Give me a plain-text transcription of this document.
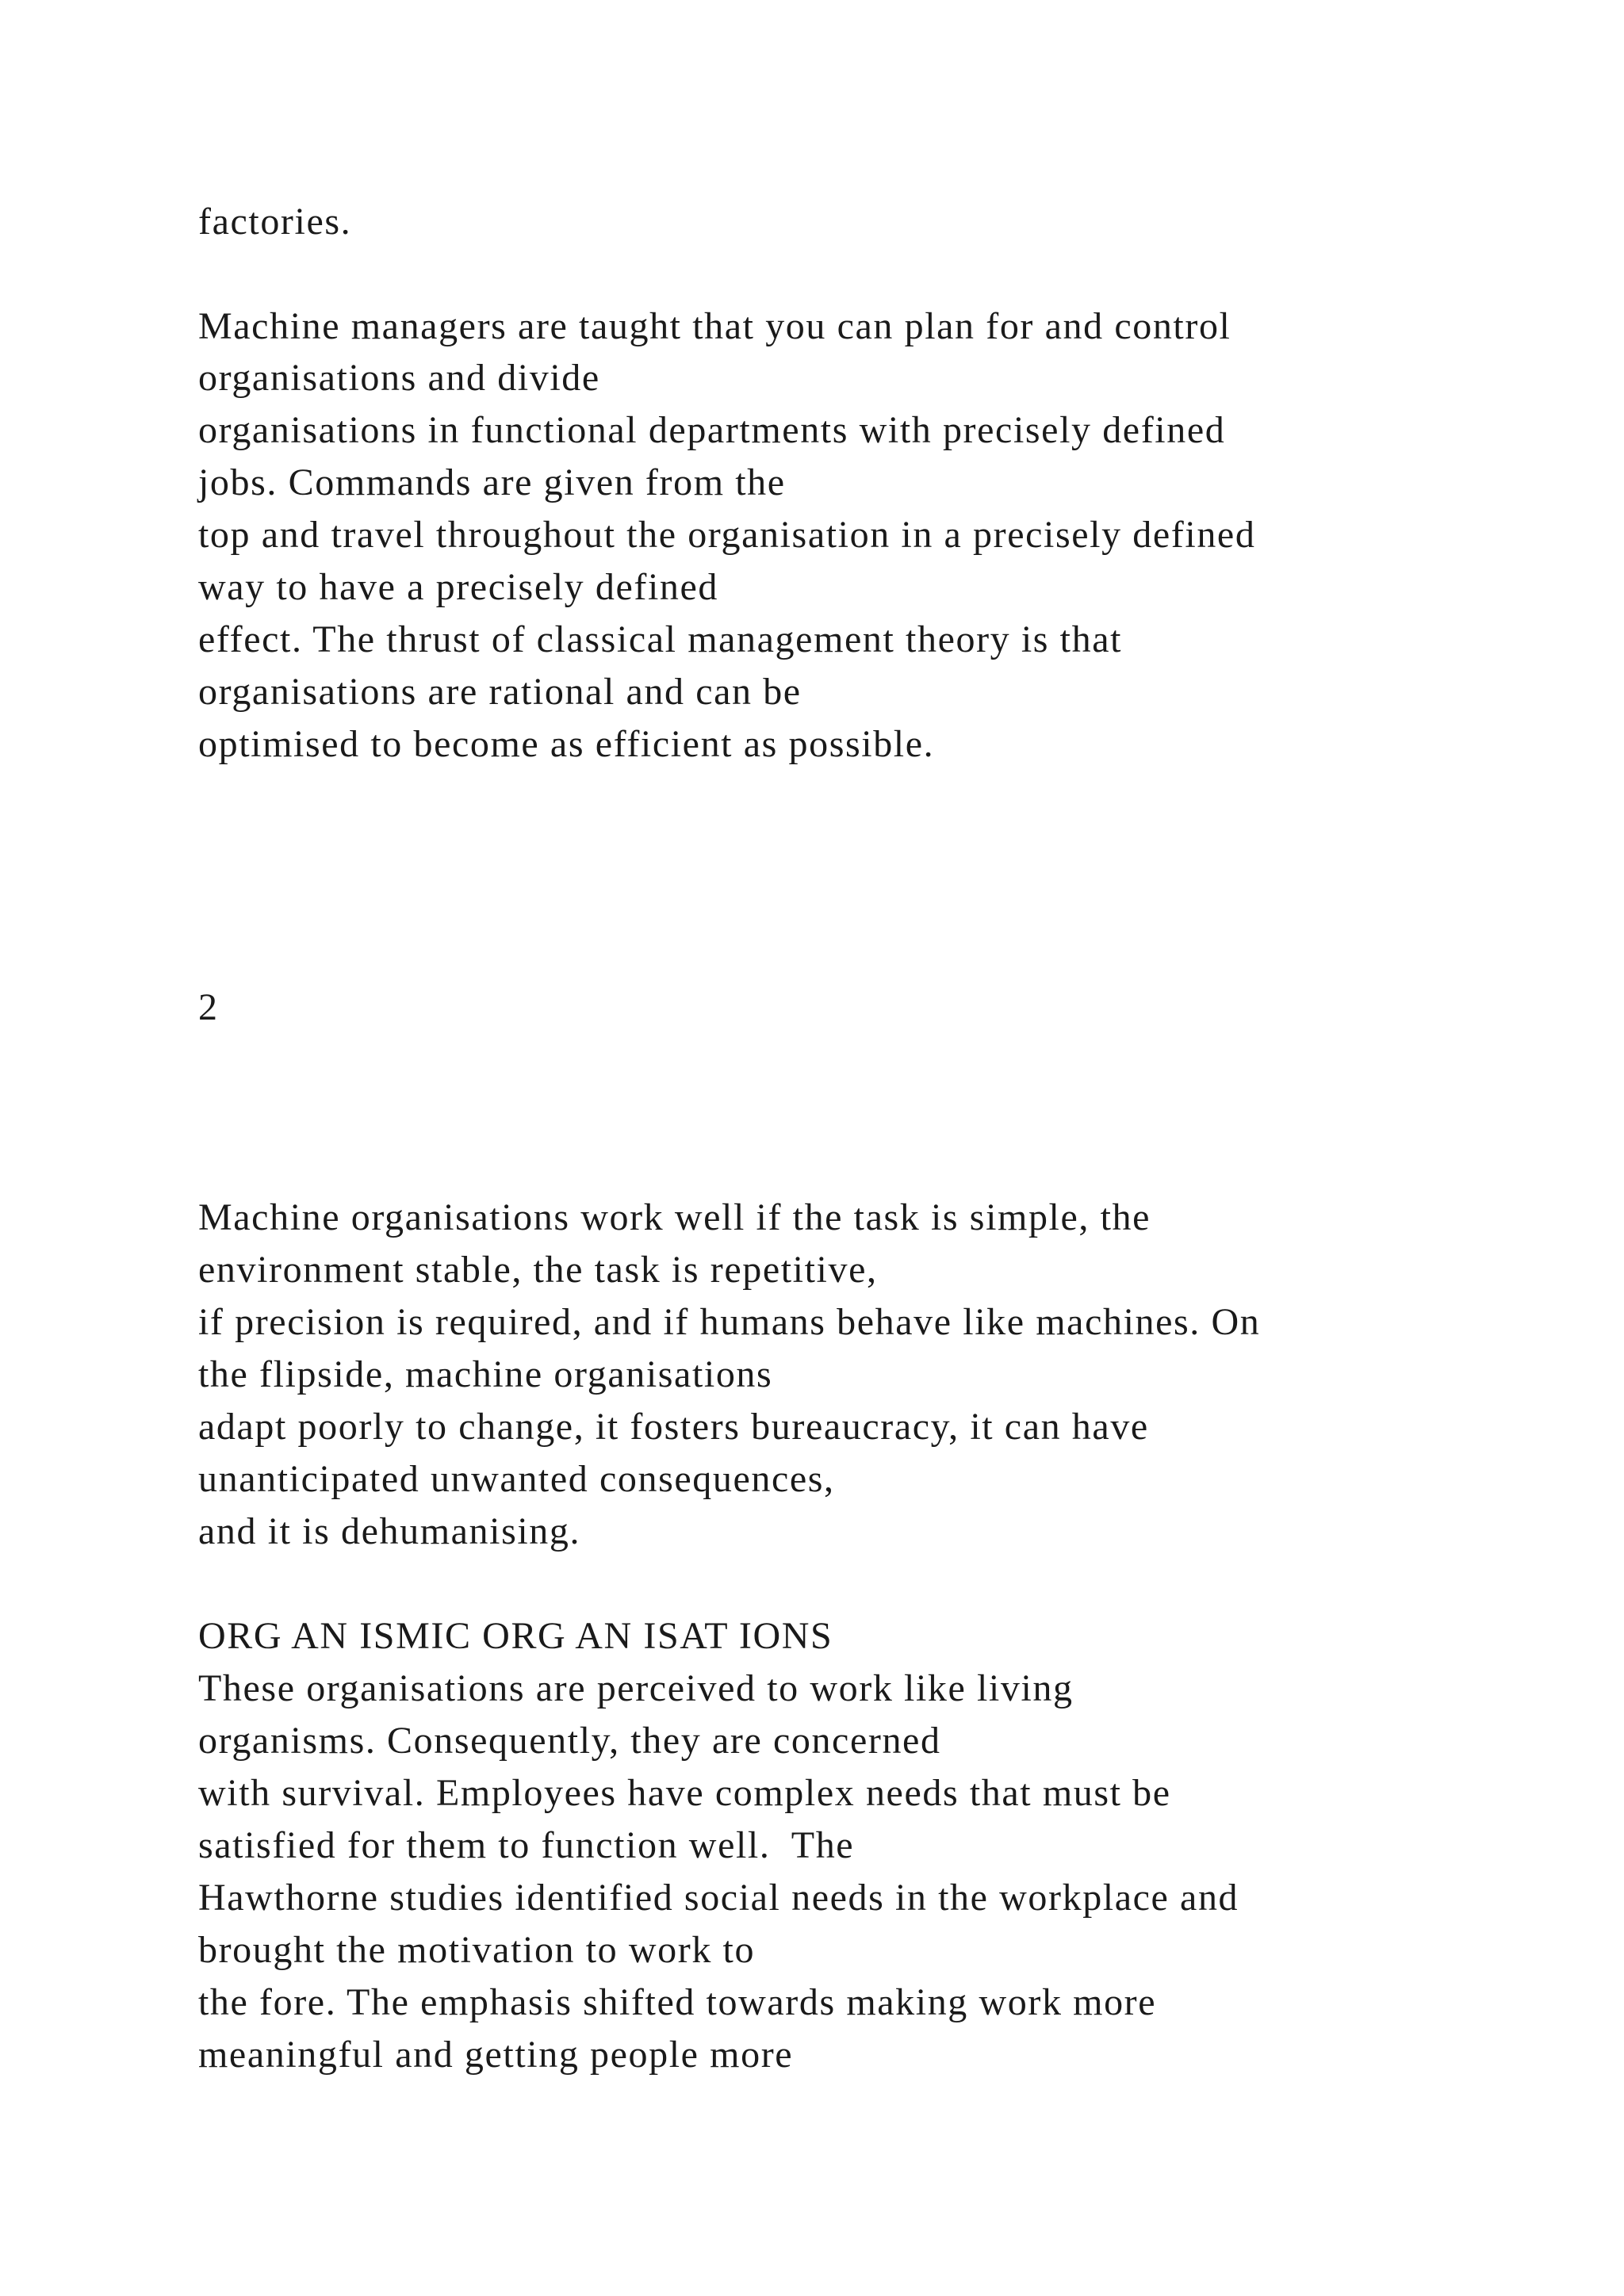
factories.

Machine managers are taught that you can plan for and control

organisations and divide

organisations in functional departments with precisely defined

jobs. Commands are given from the

top and travel throughout the organisation in a precisely defined

way to have a precisely defined

effect. The thrust of classical management theory is that

organisations are rational and can be

optimised to become as efficient as possible.

2

Machine organisations work well if the task is simple, the

environment stable, the task is repetitive,

if precision is required, and if humans behave like machines. On

the flipside, machine organisations

adapt poorly to change, it fosters bureaucracy, it can have

unanticipated unwanted consequences,

and it is dehumanising.

ORG AN ISMIC ORG AN ISAT IONS

These organisations are perceived to work like living

organisms. Consequently, they are concerned

with survival. Employees have complex needs that must be

satisfied for them to function well.  The

Hawthorne studies identified social needs in the workplace and

brought the motivation to work to

the fore. The emphasis shifted towards making work more

meaningful and getting people more
